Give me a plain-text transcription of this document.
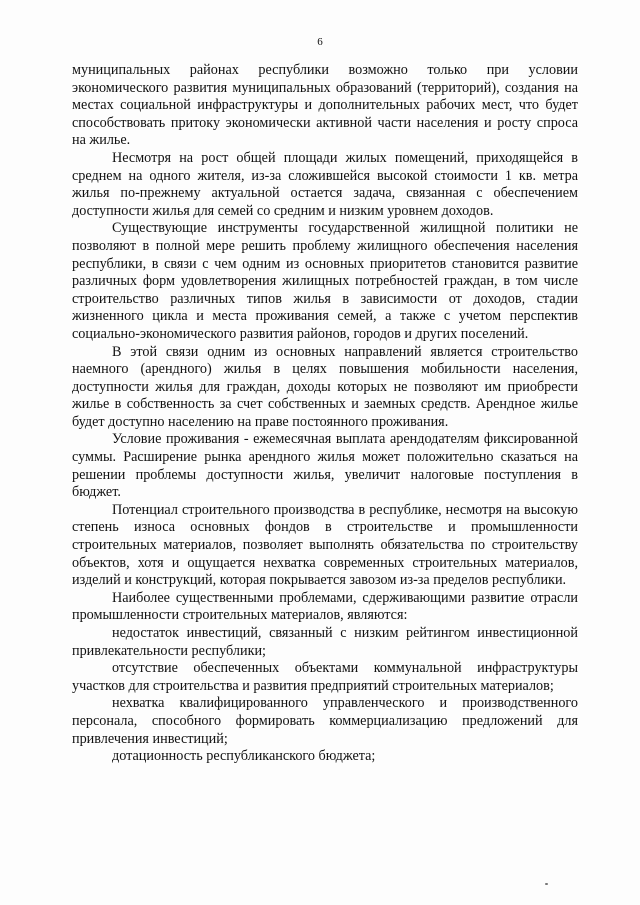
6

муниципальных районах республики возможно только при условии экономического развития муниципальных образований (территорий), создания на местах социальной инфраструктуры и дополнительных рабочих мест, что будет способствовать притоку экономически активной части населения и росту спроса на жилье.

Несмотря на рост общей площади жилых помещений, приходящейся в среднем на одного жителя, из-за сложившейся высокой стоимости 1 кв. метра жилья по-прежнему актуальной остается задача, связанная с обеспечением доступности жилья для семей со средним и низким уровнем доходов.

Существующие инструменты государственной жилищной политики не позволяют в полной мере решить проблему жилищного обеспечения населения республики, в связи с чем одним из основных приоритетов становится развитие различных форм удовлетворения жилищных потребностей граждан, в том числе строительство различных типов жилья в зависимости от доходов, стадии жизненного цикла и места проживания семей, а также с учетом перспектив социально-экономического развития районов, городов и других поселений.

В этой связи одним из основных направлений является строительство наемного (арендного) жилья в целях повышения мобильности населения, доступности жилья для граждан, доходы которых не позволяют им приобрести жилье в собственность за счет собственных и заемных средств. Арендное жилье будет доступно населению на праве постоянного проживания.

Условие проживания - ежемесячная выплата арендодателям фиксированной суммы. Расширение рынка арендного жилья может положительно сказаться на решении проблемы доступности жилья, увеличит налоговые поступления в бюджет.

Потенциал строительного производства в республике, несмотря на высокую степень износа основных фондов в строительстве и промышленности строительных материалов, позволяет выполнять обязательства по строительству объектов, хотя и ощущается нехватка современных строительных материалов, изделий и конструкций, которая покрывается завозом из-за пределов республики.

Наиболее существенными проблемами, сдерживающими развитие отрасли промышленности строительных материалов, являются:

недостаток инвестиций, связанный с низким рейтингом инвестиционной привлекательности республики;

отсутствие обеспеченных объектами коммунальной инфраструктуры участков для строительства и развития предприятий строительных материалов;

нехватка квалифицированного управленческого и производственного персонала, способного формировать коммерциализацию предложений для привлечения инвестиций;

дотационность республиканского бюджета;
